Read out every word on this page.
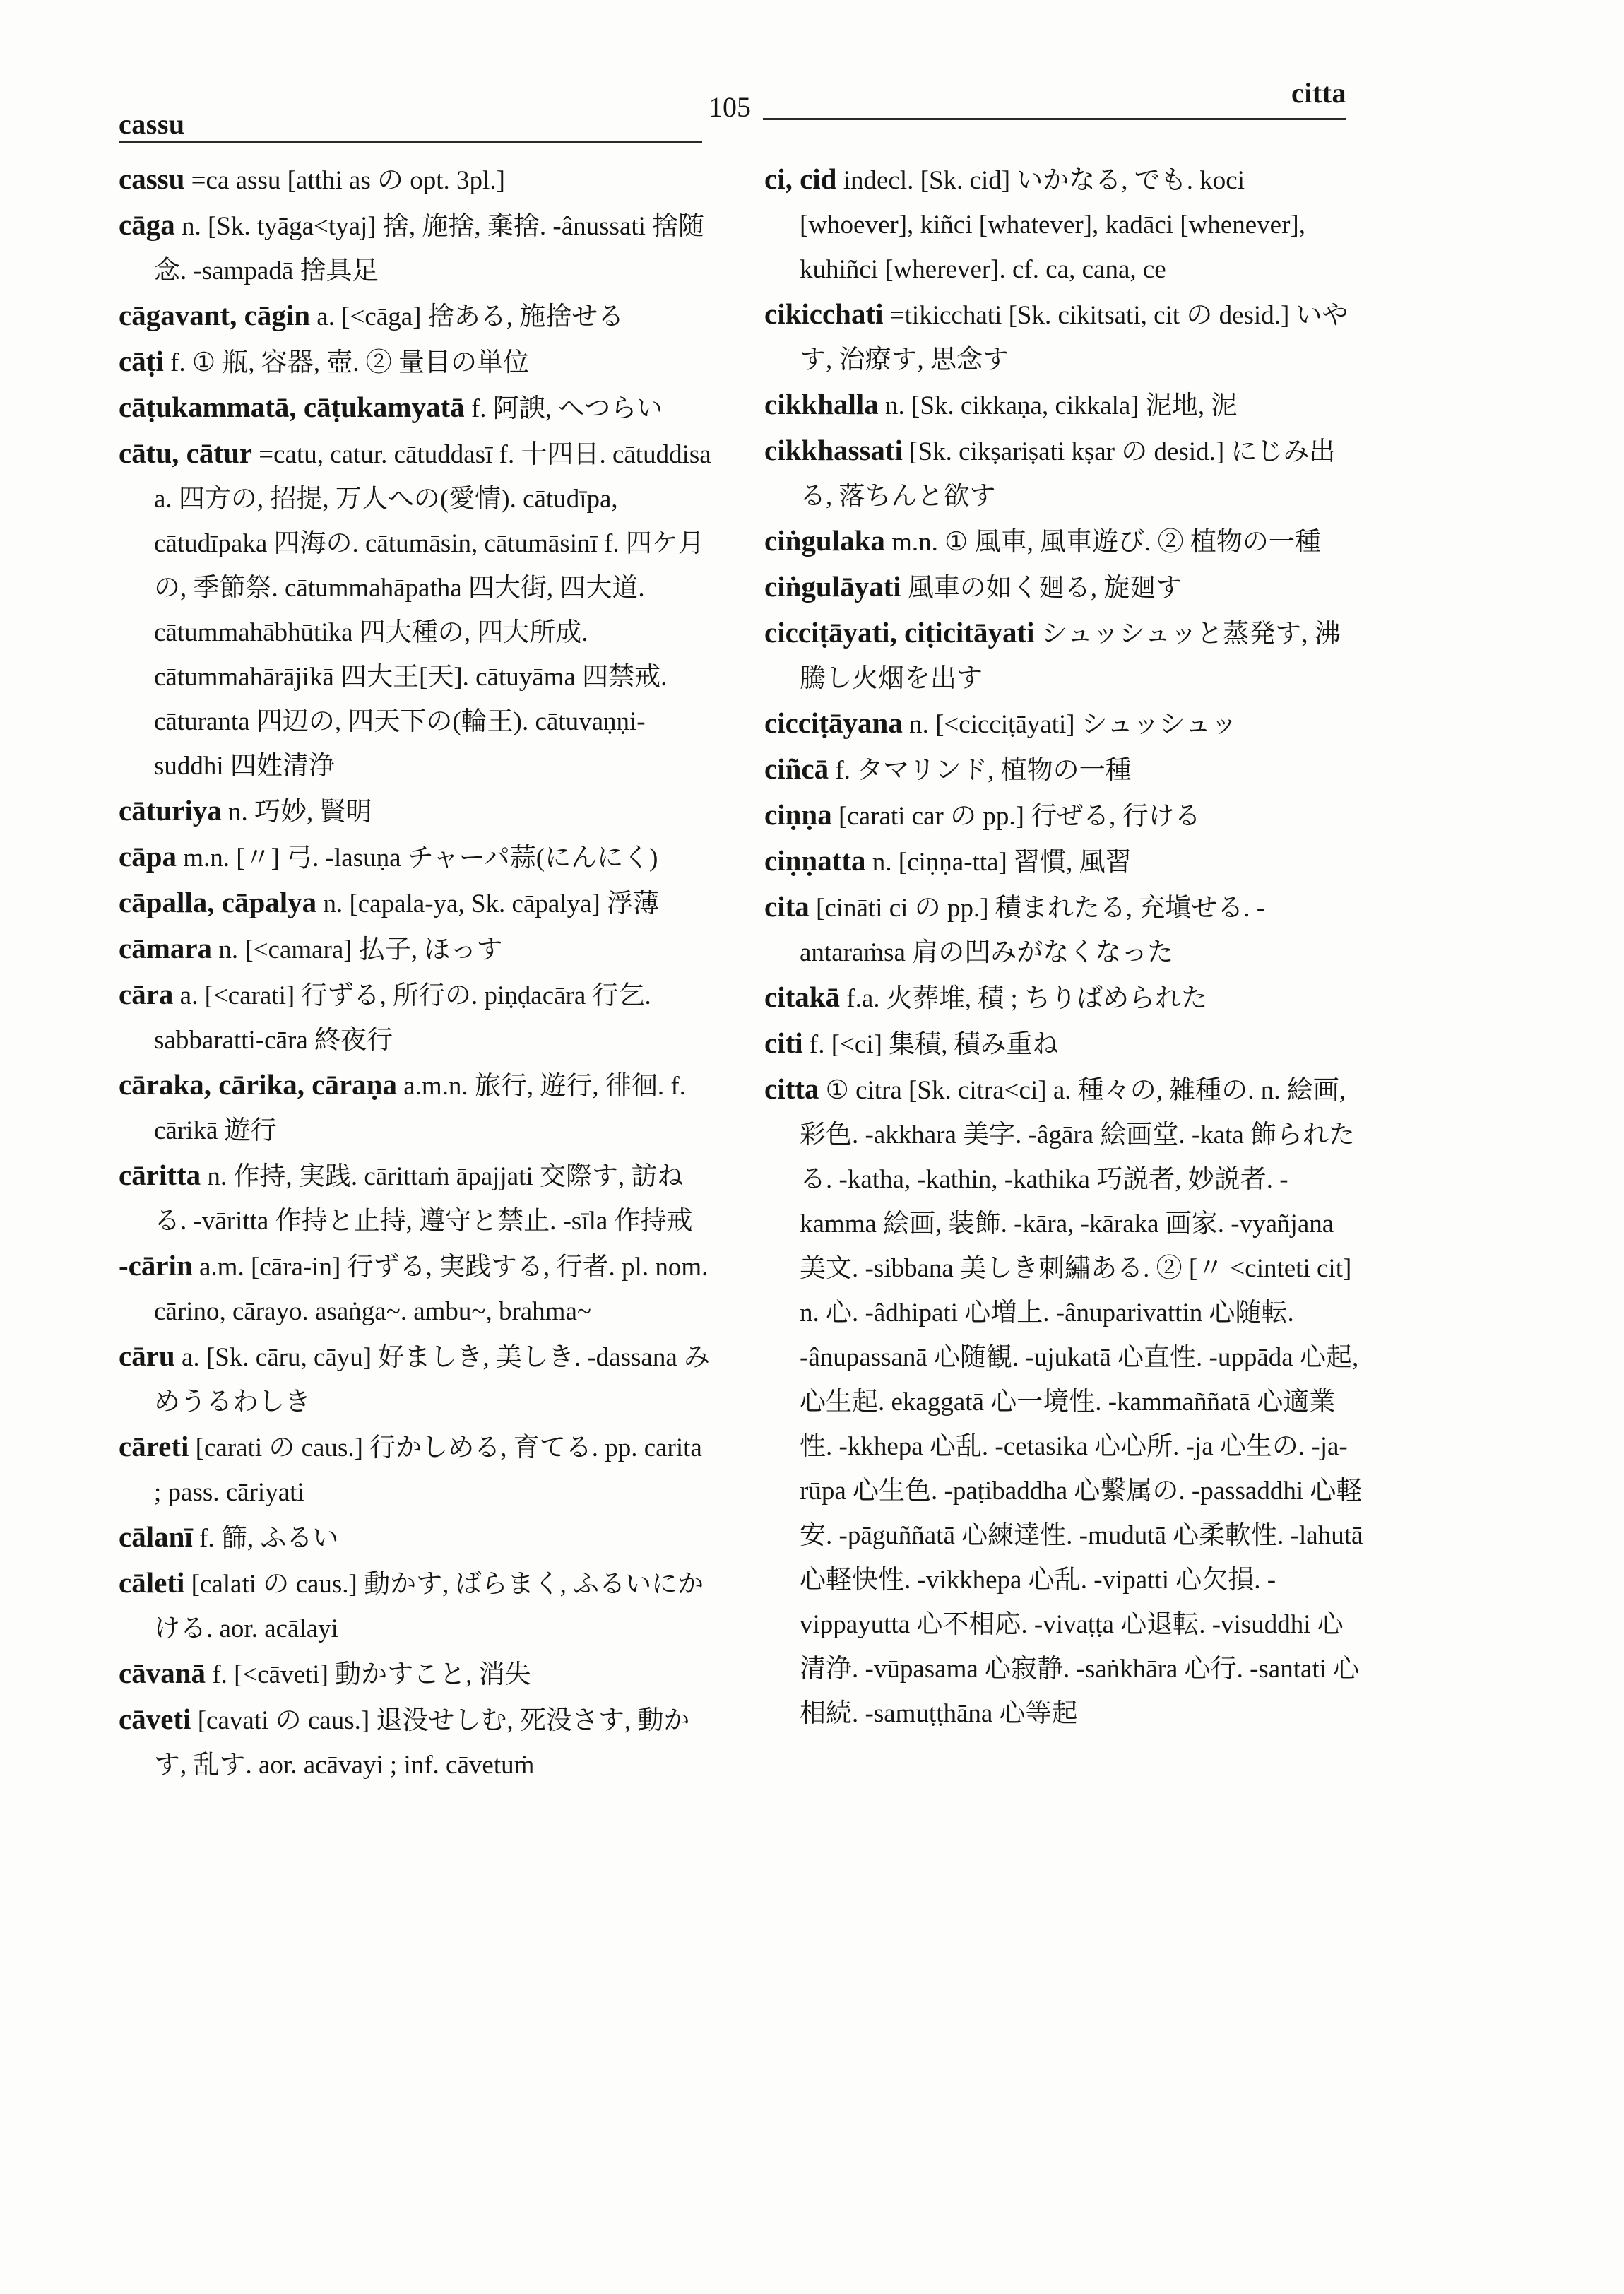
cassu
105	citta

cassu =ca assu [atthi as の opt. 3pl.]

cāga n. [Sk. tyāga<tyaj] 捨, 施捨, 棄捨. -ânussati 捨随念. -sampadā 捨具足

cāgavant, cāgin a. [<cāga] 捨ある, 施捨せる

cāṭi f. ① 瓶, 容器, 壺. ② 量目の単位

cāṭukammatā, cāṭukamyatā f. 阿諛, へつらい

cātu, cātur =catu, catur. cātuddasī f. 十四日. cātuddisa a. 四方の, 招提, 万人への(愛情). cātudīpa, cātudīpaka 四海の. cātumāsin, cātumāsinī f. 四ケ月の, 季節祭. cātummahāpatha 四大街, 四大道. cātummahābhūtika 四大種の, 四大所成. cātummahārājikā 四大王[天]. cātuyāma 四禁戒. cāturanta 四辺の, 四天下の(輪王). cātuvaṇṇi-suddhi 四姓清浄

cāturiya n. 巧妙, 賢明

cāpa m.n. [〃] 弓. -lasuṇa チャーパ蒜(にんにく)

cāpalla, cāpalya n. [capala-ya, Sk. cāpalya] 浮薄

cāmara n. [<camara] 払子, ほっす

cāra a. [<carati] 行ずる, 所行の. piṇḍacāra 行乞. sabbaratti-cāra 終夜行

cāraka, cārika, cāraṇa a.m.n. 旅行, 遊行, 徘徊. f. cārikā 遊行

cāritta n. 作持, 実践. cārittaṁ āpajjati 交際す, 訪ねる. -vāritta 作持と止持, 遵守と禁止. -sīla 作持戒

-cārin a.m. [cāra-in] 行ずる, 実践する, 行者. pl. nom. cārino, cārayo. asaṅga~. ambu~, brahma~

cāru a. [Sk. cāru, cāyu] 好ましき, 美しき. -dassana みめうるわしき

cāreti [carati の caus.] 行かしめる, 育てる. pp. carita ; pass. cāriyati

cālanī f. 篩, ふるい

cāleti [calati の caus.] 動かす, ばらまく, ふるいにかける. aor. acālayi

cāvanā f. [<cāveti] 動かすこと, 消失

cāveti [cavati の caus.] 退没せしむ, 死没さす, 動かす, 乱す. aor. acāvayi ; inf. cāvetuṁ

ci, cid indecl. [Sk. cid] いかなる, でも. koci [whoever], kiñci [whatever], kadāci [whenever], kuhiñci [wherever]. cf. ca, cana, ce

cikicchati =tikicchati [Sk. cikitsati, cit の desid.] いやす, 治療す, 思念す

cikkhalla n. [Sk. cikkaṇa, cikkala] 泥地, 泥

cikkhassati [Sk. cikṣariṣati kṣar の desid.] にじみ出る, 落ちんと欲す

ciṅgulaka m.n. ① 風車, 風車遊び. ② 植物の一種

ciṅgulāyati 風車の如く廻る, 旋廻す

cicciṭāyati, ciṭicitāyati シュッシュッと蒸発す, 沸騰し火烟を出す

cicciṭāyana n. [<cicciṭāyati] シュッシュッ

ciñcā f. タマリンド, 植物の一種

ciṇṇa [carati car の pp.] 行ぜる, 行ける

ciṇṇatta n. [ciṇṇa-tta] 習慣, 風習

cita [cināti ci の pp.] 積まれたる, 充塡せる. -antaraṁsa 肩の凹みがなくなった

citakā f.a. 火葬堆, 積 ; ちりばめられた

citi f. [<ci] 集積, 積み重ね

citta ① citra [Sk. citra<ci] a. 種々の, 雑種の. n. 絵画, 彩色. -akkhara 美字. -âgāra 絵画堂. -kata 飾られたる. -katha, -kathin, -kathika 巧説者, 妙説者. -kamma 絵画, 装飾. -kāra, -kāraka 画家. -vyañjana 美文. -sibbana 美しき刺繡ある. ② [〃 <cinteti cit] n. 心. -âdhipati 心増上. -ânuparivattin 心随転. -ânupassanā 心随観. -ujukatā 心直性. -uppāda 心起, 心生起. ekaggatā 心一境性. -kammaññatā 心適業性. -kkhepa 心乱. -cetasika 心心所. -ja 心生の. -ja-rūpa 心生色. -paṭibaddha 心繋属の. -passaddhi 心軽安. -pāguññatā 心練達性. -mudutā 心柔軟性. -lahutā 心軽快性. -vikkhepa 心乱. -vipatti 心欠損. -vippayutta 心不相応. -vivaṭṭa 心退転. -visuddhi 心清浄. -vūpasama 心寂静. -saṅkhāra 心行. -santati 心相続. -samuṭṭhāna 心等起
